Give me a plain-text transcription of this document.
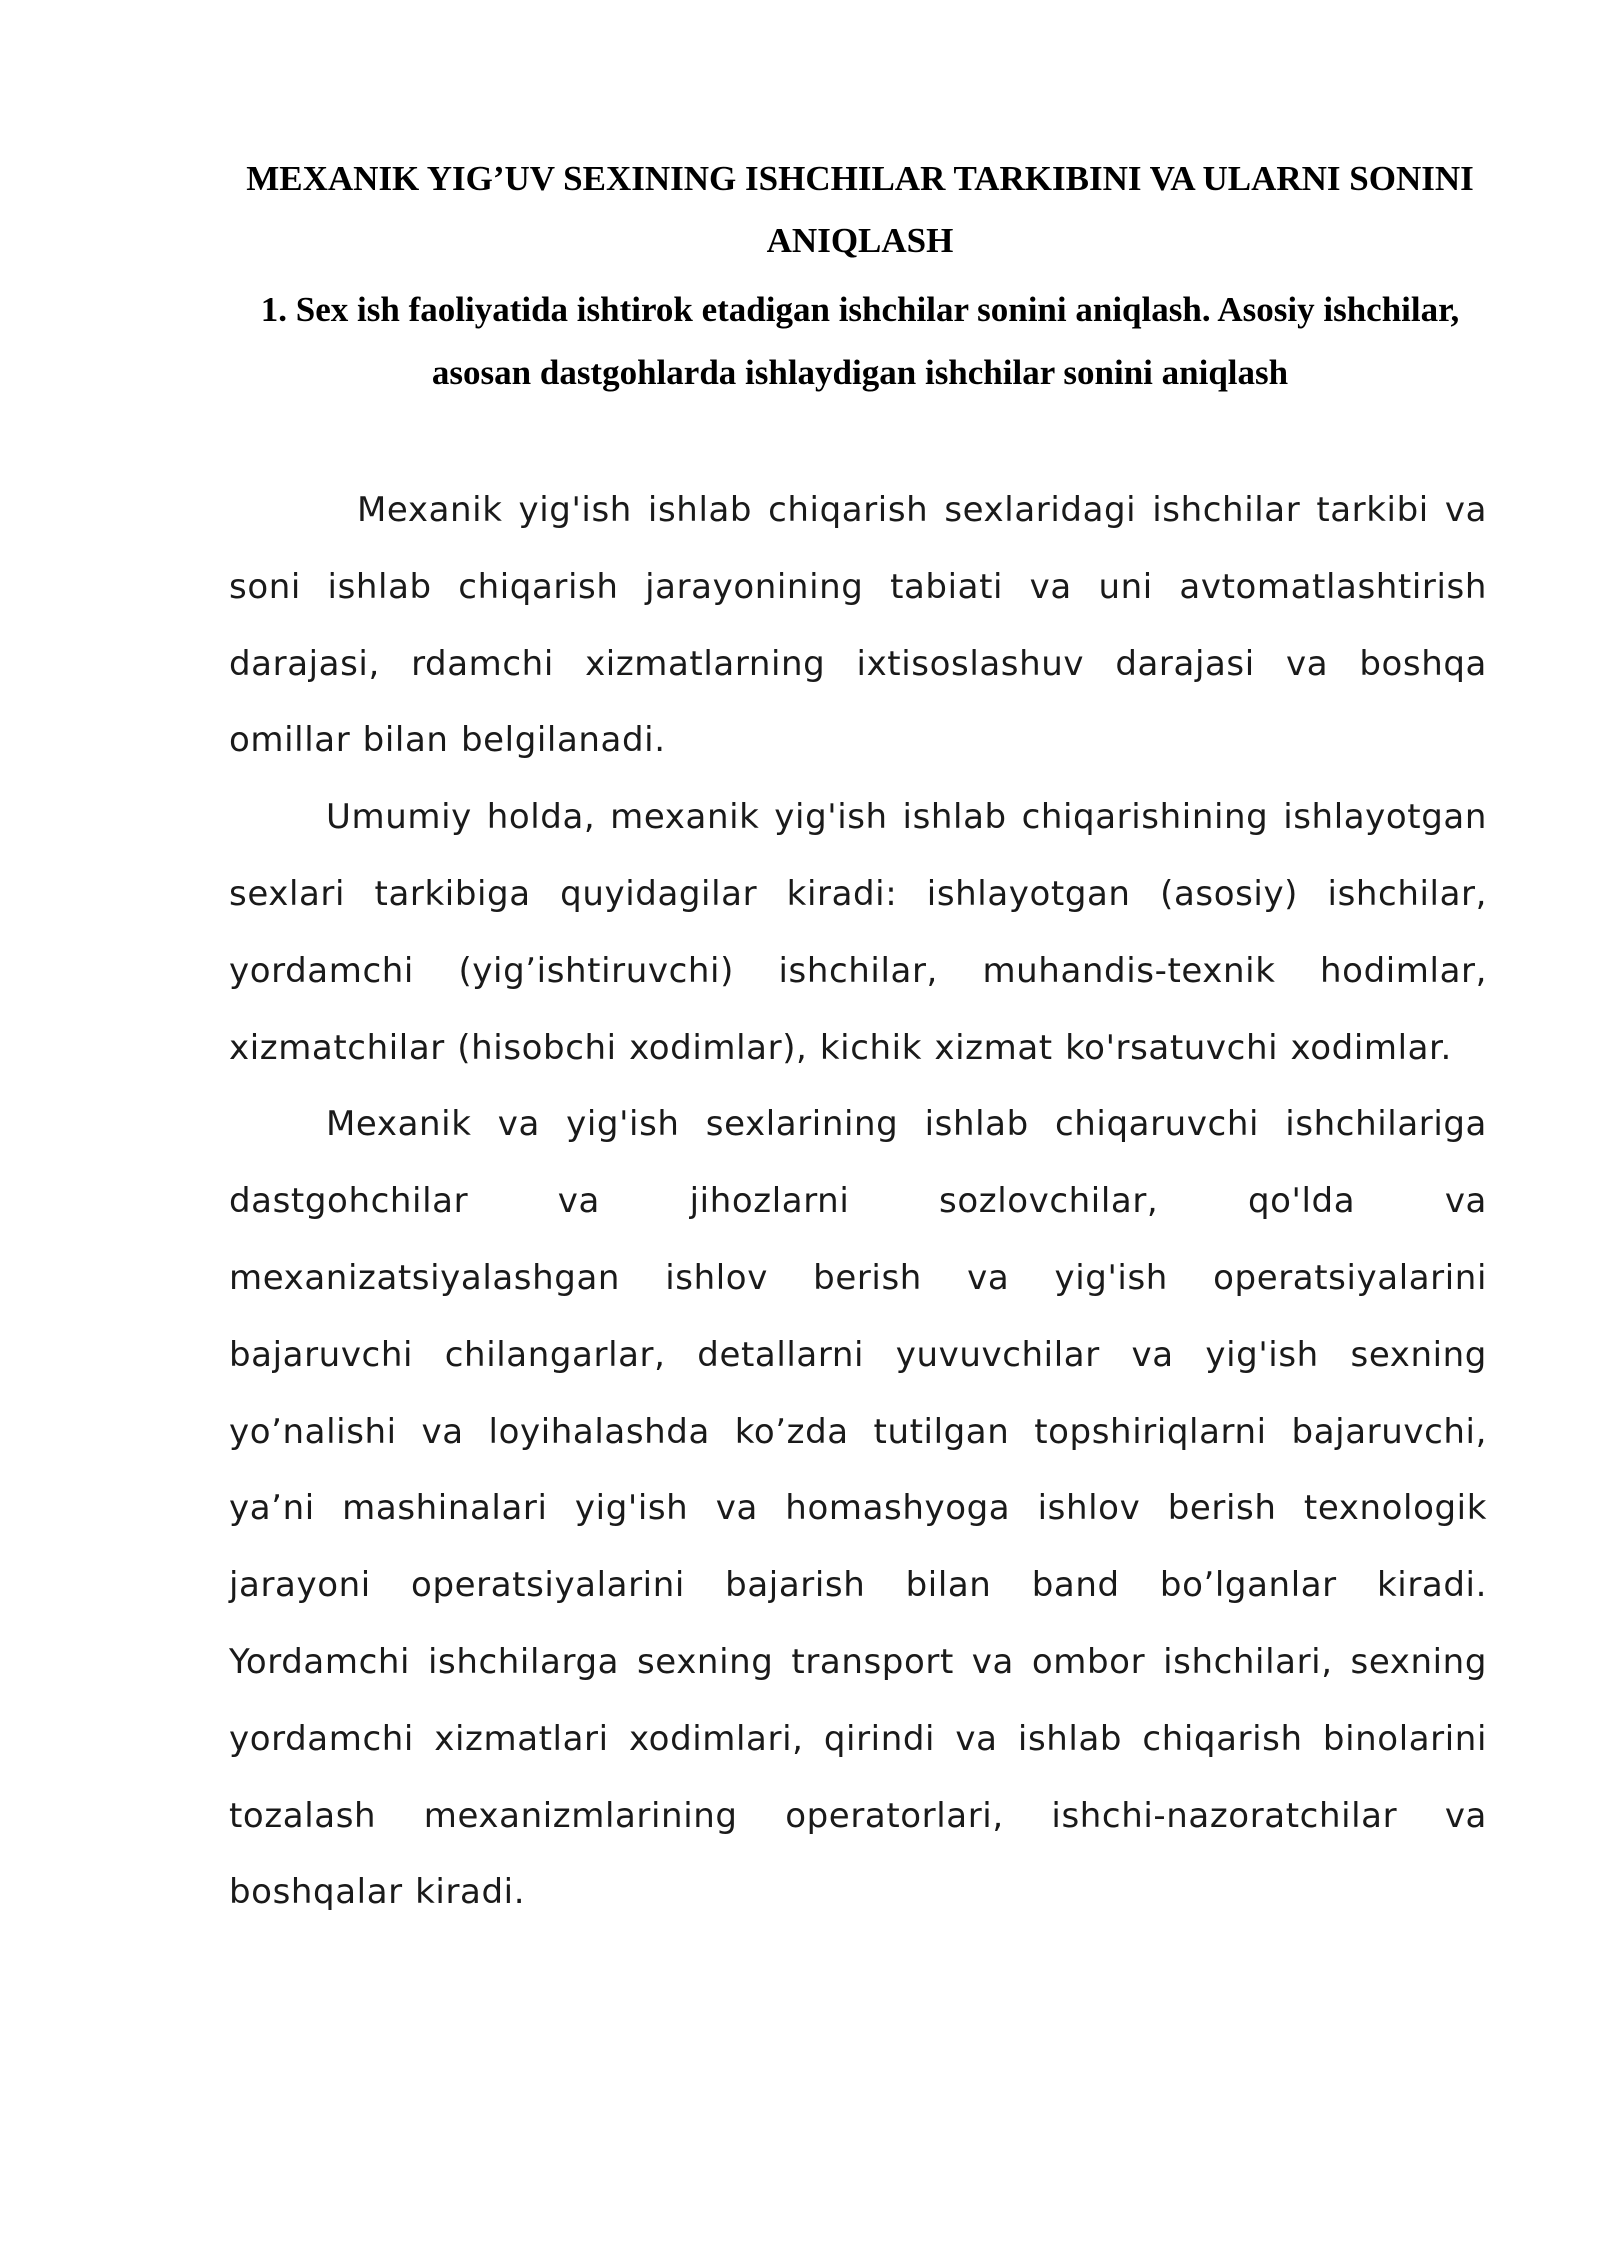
MEXANIK YIG’UV SEXINING ISHCHILAR TARKIBINI VA ULARNI SONINI ANIQLASH
1. Sex ish faoliyatida ishtirok etadigan ishchilar sonini aniqlash. Asosiy ishchilar, asosan dastgohlarda ishlaydigan ishchilar sonini aniqlash

Mexanik yig'ish ishlab chiqarish sexlaridagi ishchilar tarkibi va soni ishlab chiqarish jarayonining tabiati va uni avtomatlashtirish darajasi, rdamchi xizmatlarning ixtisoslashuv darajasi va boshqa omillar bilan belgilanadi.

Umumiy holda, mexanik yig'ish ishlab chiqarishining ishlayotgan sexlari tarkibiga quyidagilar kiradi: ishlayotgan (asosiy) ishchilar, yordamchi (yig’ishtiruvchi) ishchilar, muhandis-texnik hodimlar, xizmatchilar (hisobchi xodimlar), kichik xizmat ko'rsatuvchi xodimlar.

Mexanik va yig'ish sexlarining ishlab chiqaruvchi ishchilariga dastgohchilar va jihozlarni sozlovchilar, qo'lda va mexanizatsiyalashgan ishlov berish va yig'ish operatsiyalarini bajaruvchi chilangarlar, detallarni yuvuvchilar va yig'ish sexning yo’nalishi va loyihalashda ko’zda tutilgan topshiriqlarni bajaruvchi, ya’ni mashinalari yig'ish va homashyoga ishlov berish texnologik jarayoni operatsiyalarini bajarish bilan band bo’lganlar kiradi. Yordamchi ishchilarga sexning transport va ombor ishchilari, sexning yordamchi xizmatlari xodimlari, qirindi va ishlab chiqarish binolarini tozalash mexanizmlarining operatorlari, ishchi-nazoratchilar va boshqalar kiradi.
